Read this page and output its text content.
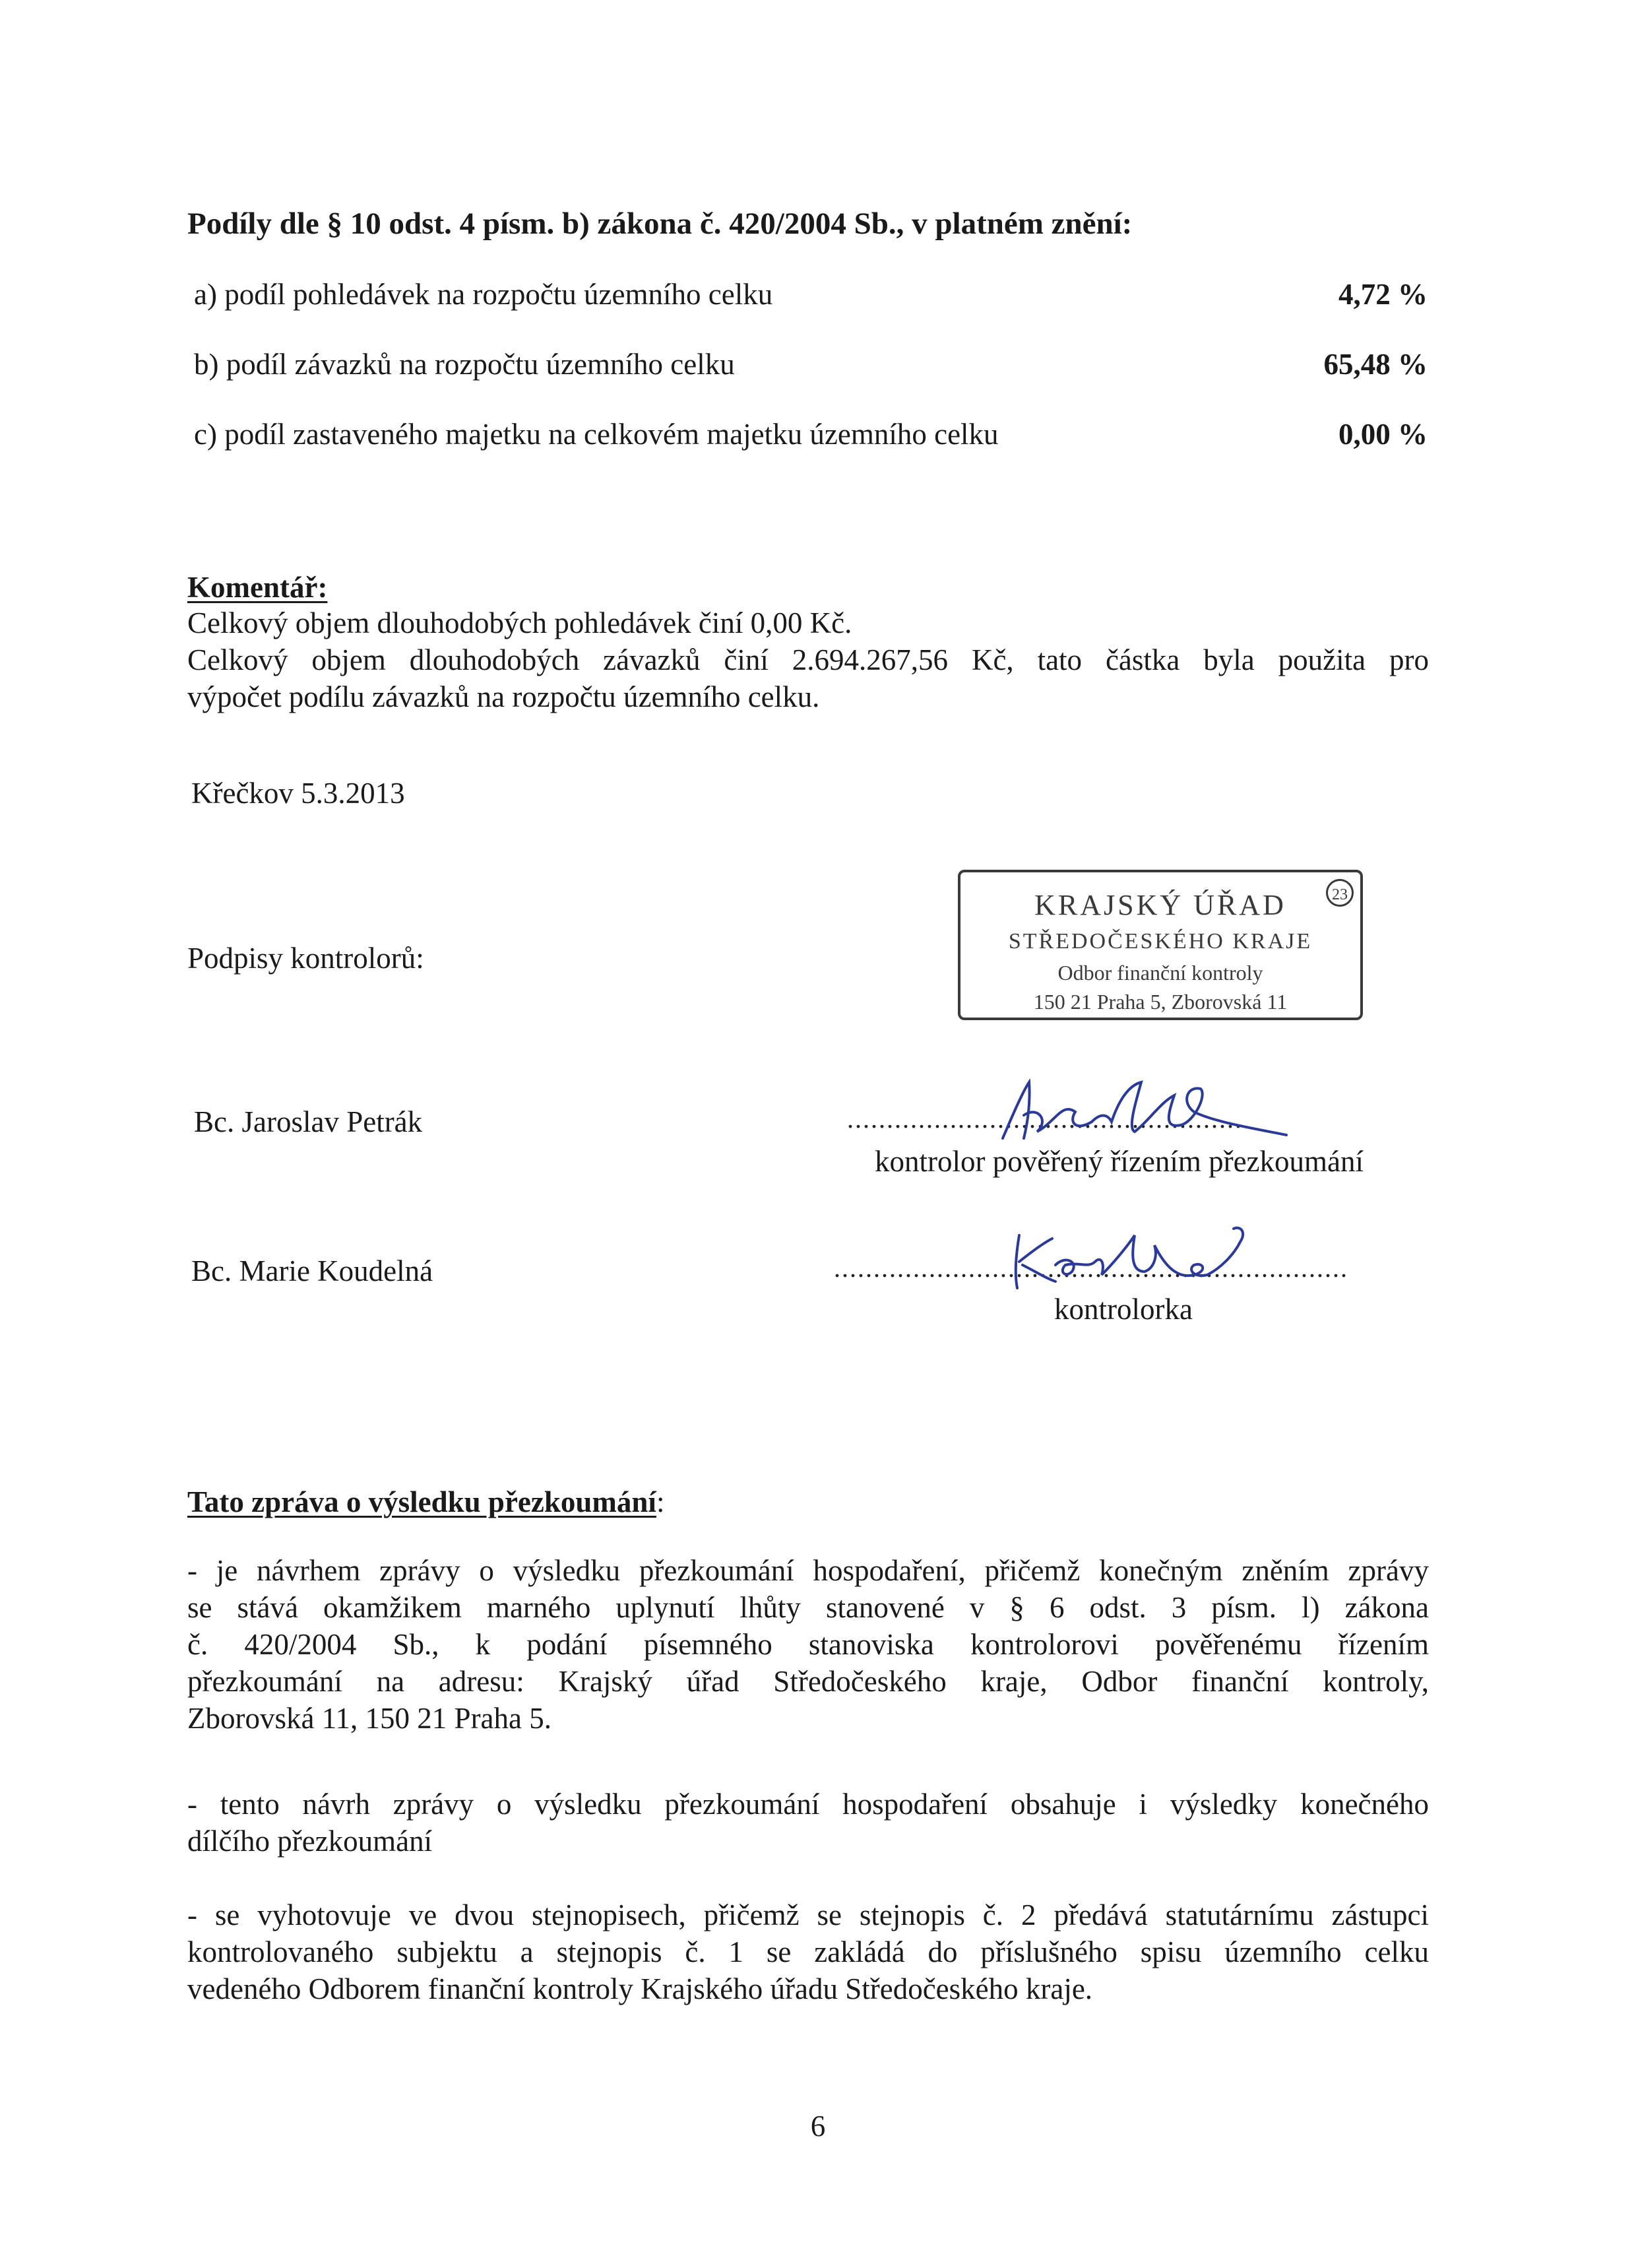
Podíly dle § 10 odst. 4 písm. b) zákona č. 420/2004 Sb., v platném znění:
a) podíl pohledávek na rozpočtu územního celku	4,72 %
b) podíl závazků na rozpočtu územního celku	65,48 %
c) podíl zastaveného majetku na celkovém majetku územního celku	0,00 %
Komentář:
Celkový objem dlouhodobých pohledávek činí 0,00 Kč.
Celkový objem dlouhodobých závazků činí 2.694.267,56 Kč, tato částka byla použita pro
výpočet podílu závazků na rozpočtu územního celku.
Křečkov 5.3.2013
Podpisy kontrolorů:
KRAJSKÝ ÚŘAD
STŘEDOČESKÉHO KRAJE
Odbor finanční kontroly
150 21 Praha 5, Zborovská 11
23
Bc. Jaroslav Petrák	..................................................
kontrolor pověřený řízením přezkoumání
Bc. Marie Koudelná	.................................................................
kontrolorka
Tato zpráva o výsledku přezkoumání:
- je návrhem zprávy o výsledku přezkoumání hospodaření, přičemž konečným zněním zprávy
se stává okamžikem marného uplynutí lhůty stanovené v § 6 odst. 3 písm. l) zákona
č. 420/2004 Sb., k podání písemného stanoviska kontrolorovi pověřenému řízením
přezkoumání na adresu: Krajský úřad Středočeského kraje, Odbor finanční kontroly,
Zborovská 11, 150 21 Praha 5.
- tento návrh zprávy o výsledku přezkoumání hospodaření obsahuje i výsledky konečného
dílčího přezkoumání
- se vyhotovuje ve dvou stejnopisech, přičemž se stejnopis č. 2 předává statutárnímu zástupci
kontrolovaného subjektu a stejnopis č. 1 se zakládá do příslušného spisu územního celku
vedeného Odborem finanční kontroly Krajského úřadu Středočeského kraje.
6
